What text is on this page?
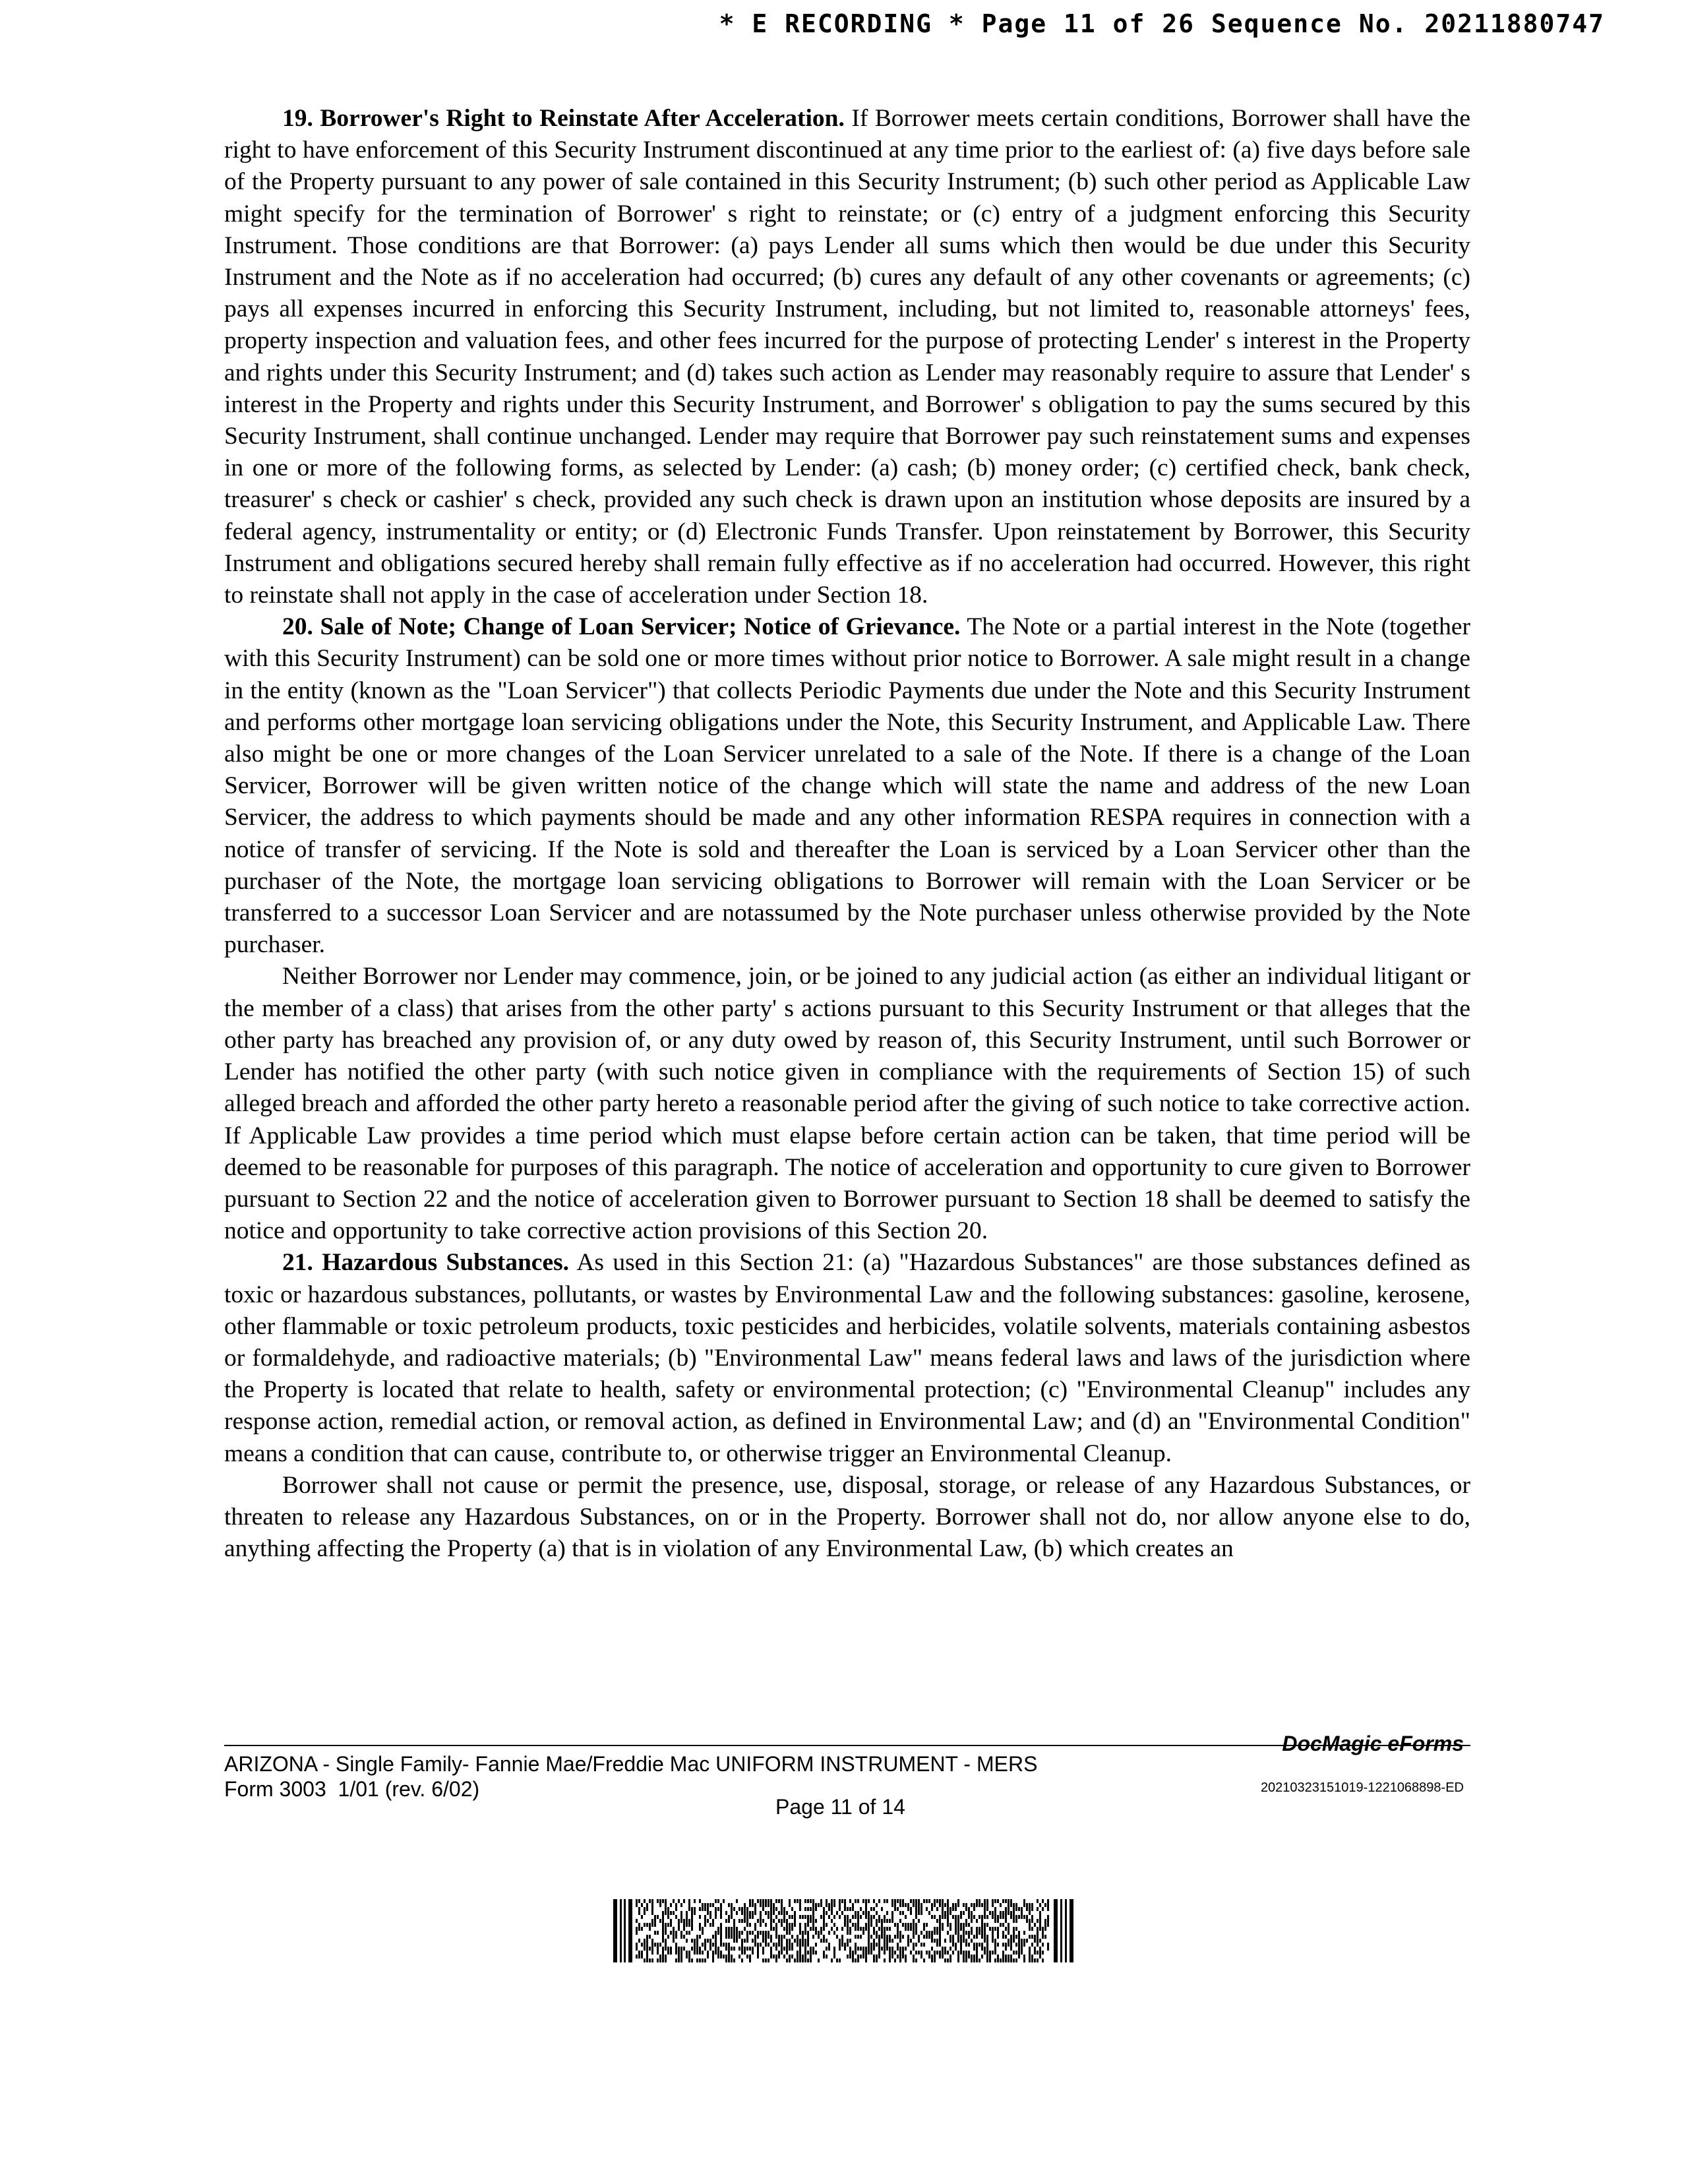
* E RECORDING * Page 11 of 26 Sequence No. 20211880747

19. Borrower's Right to Reinstate After Acceleration. If Borrower meets certain conditions, Borrower shall have the right to have enforcement of this Security Instrument discontinued at any time prior to the earliest of: (a) five days before sale of the Property pursuant to any power of sale contained in this Security Instrument; (b) such other period as Applicable Law might specify for the termination of Borrower' s right to reinstate; or (c) entry of a judgment enforcing this Security Instrument. Those conditions are that Borrower: (a) pays Lender all sums which then would be due under this Security Instrument and the Note as if no acceleration had occurred; (b) cures any default of any other covenants or agreements; (c) pays all expenses incurred in enforcing this Security Instrument, including, but not limited to, reasonable attorneys' fees, property inspection and valuation fees, and other fees incurred for the purpose of protecting Lender' s interest in the Property and rights under this Security Instrument; and (d) takes such action as Lender may reasonably require to assure that Lender' s interest in the Property and rights under this Security Instrument, and Borrower' s obligation to pay the sums secured by this Security Instrument, shall continue unchanged. Lender may require that Borrower pay such reinstatement sums and expenses in one or more of the following forms, as selected by Lender: (a) cash; (b) money order; (c) certified check, bank check, treasurer' s check or cashier' s check, provided any such check is drawn upon an institution whose deposits are insured by a federal agency, instrumentality or entity; or (d) Electronic Funds Transfer. Upon reinstatement by Borrower, this Security Instrument and obligations secured hereby shall remain fully effective as if no acceleration had occurred. However, this right to reinstate shall not apply in the case of acceleration under Section 18.

20. Sale of Note; Change of Loan Servicer; Notice of Grievance. The Note or a partial interest in the Note (together with this Security Instrument) can be sold one or more times without prior notice to Borrower. A sale might result in a change in the entity (known as the "Loan Servicer") that collects Periodic Payments due under the Note and this Security Instrument and performs other mortgage loan servicing obligations under the Note, this Security Instrument, and Applicable Law. There also might be one or more changes of the Loan Servicer unrelated to a sale of the Note. If there is a change of the Loan Servicer, Borrower will be given written notice of the change which will state the name and address of the new Loan Servicer, the address to which payments should be made and any other information RESPA requires in connection with a notice of transfer of servicing. If the Note is sold and thereafter the Loan is serviced by a Loan Servicer other than the purchaser of the Note, the mortgage loan servicing obligations to Borrower will remain with the Loan Servicer or be transferred to a successor Loan Servicer and are notassumed by the Note purchaser unless otherwise provided by the Note purchaser.

Neither Borrower nor Lender may commence, join, or be joined to any judicial action (as either an individual litigant or the member of a class) that arises from the other party' s actions pursuant to this Security Instrument or that alleges that the other party has breached any provision of, or any duty owed by reason of, this Security Instrument, until such Borrower or Lender has notified the other party (with such notice given in compliance with the requirements of Section 15) of such alleged breach and afforded the other party hereto a reasonable period after the giving of such notice to take corrective action. If Applicable Law provides a time period which must elapse before certain action can be taken, that time period will be deemed to be reasonable for purposes of this paragraph. The notice of acceleration and opportunity to cure given to Borrower pursuant to Section 22 and the notice of acceleration given to Borrower pursuant to Section 18 shall be deemed to satisfy the notice and opportunity to take corrective action provisions of this Section 20.

21. Hazardous Substances. As used in this Section 21: (a) "Hazardous Substances" are those substances defined as toxic or hazardous substances, pollutants, or wastes by Environmental Law and the following substances: gasoline, kerosene, other flammable or toxic petroleum products, toxic pesticides and herbicides, volatile solvents, materials containing asbestos or formaldehyde, and radioactive materials; (b) "Environmental Law" means federal laws and laws of the jurisdiction where the Property is located that relate to health, safety or environmental protection; (c) "Environmental Cleanup" includes any response action, remedial action, or removal action, as defined in Environmental Law; and (d) an "Environmental Condition" means a condition that can cause, contribute to, or otherwise trigger an Environmental Cleanup.

Borrower shall not cause or permit the presence, use, disposal, storage, or release of any Hazardous Substances, or threaten to release any Hazardous Substances, on or in the Property. Borrower shall not do, nor allow anyone else to do, anything affecting the Property (a) that is in violation of any Environmental Law, (b) which creates an

DocMagic eForms
ARIZONA - Single Family- Fannie Mae/Freddie Mac UNIFORM INSTRUMENT - MERS
Form 3003  1/01 (rev. 6/02)	20210323151019-1221068898-ED
Page 11 of 14
